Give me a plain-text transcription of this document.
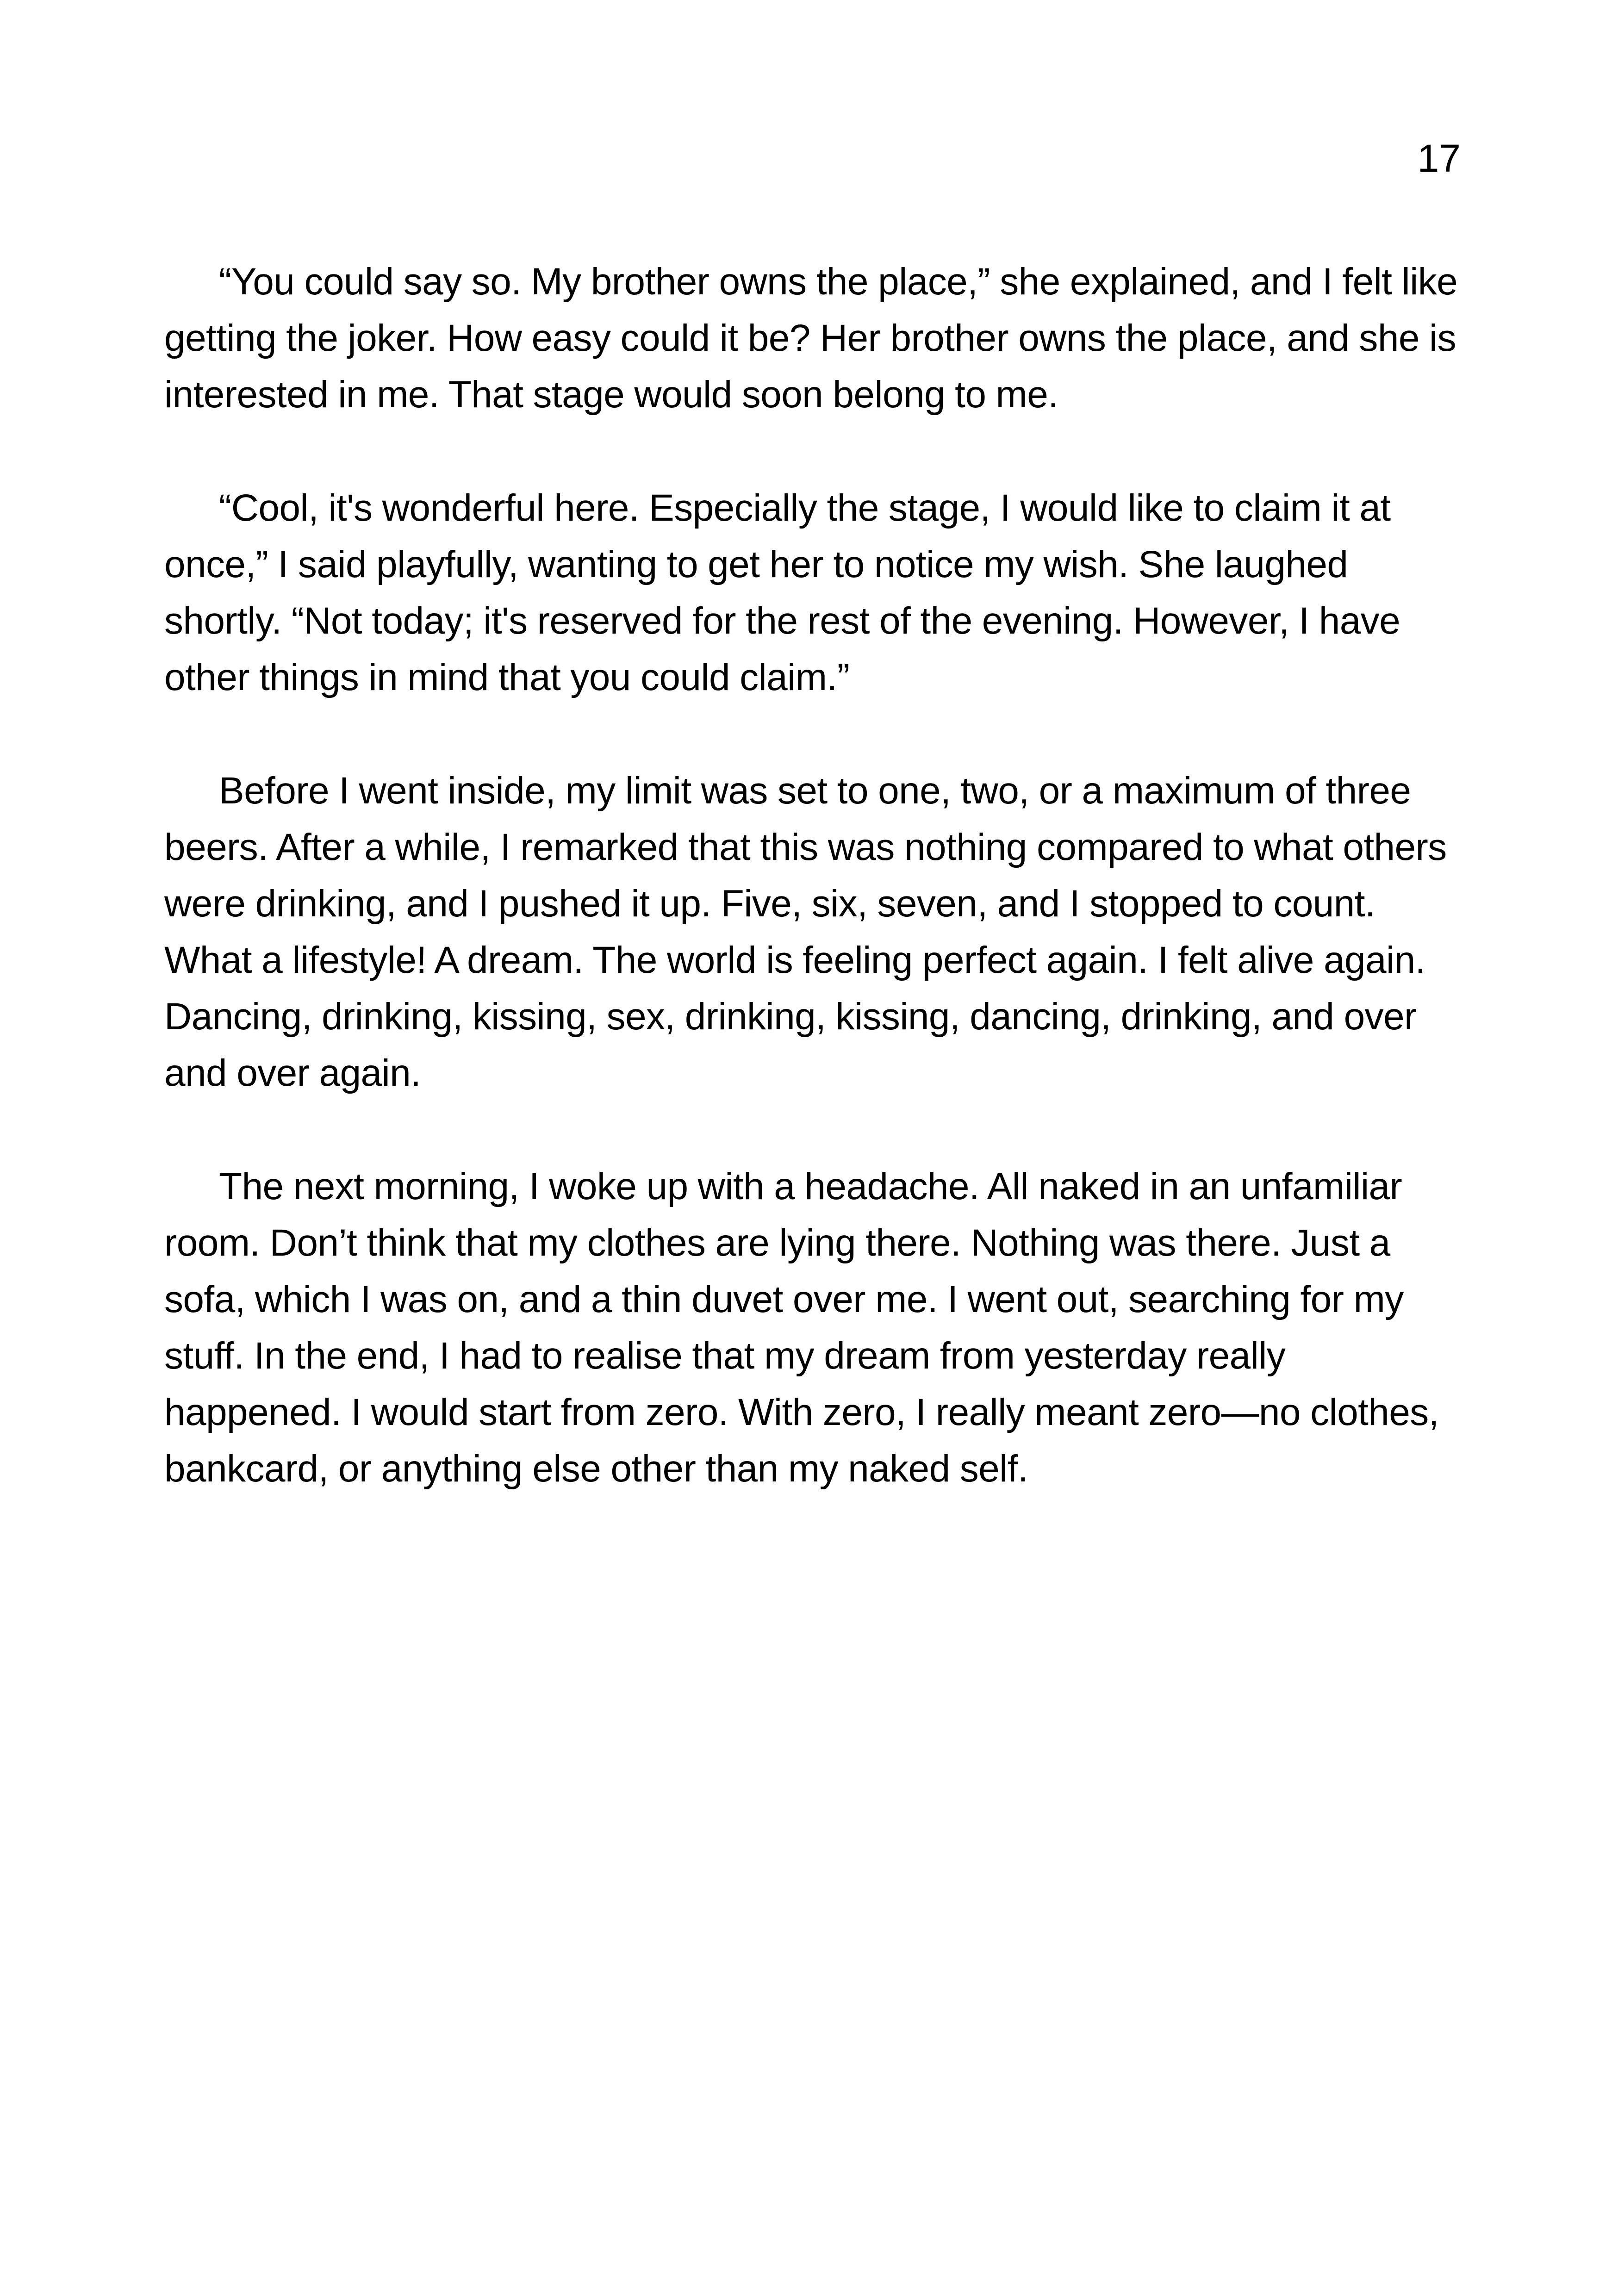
17

“You could say so. My brother owns the place,” she explained, and I felt like getting the joker. How easy could it be? Her brother owns the place, and she is interested in me. That stage would soon belong to me.

“Cool, it's wonderful here. Especially the stage, I would like to claim it at once,” I said playfully, wanting to get her to notice my wish. She laughed shortly. “Not today; it's reserved for the rest of the evening. However, I have other things in mind that you could claim.”

Before I went inside, my limit was set to one, two, or a maximum of three beers. After a while, I remarked that this was nothing compared to what others were drinking, and I pushed it up. Five, six, seven, and I stopped to count. What a lifestyle! A dream. The world is feeling perfect again. I felt alive again. Dancing, drinking, kissing, sex, drinking, kissing, dancing, drinking, and over and over again.

The next morning, I woke up with a headache. All naked in an unfamiliar room. Don’t think that my clothes are lying there. Nothing was there. Just a sofa, which I was on, and a thin duvet over me. I went out, searching for my stuff. In the end, I had to realise that my dream from yesterday really happened. I would start from zero. With zero, I really meant zero—no clothes, bankcard, or anything else other than my naked self.
